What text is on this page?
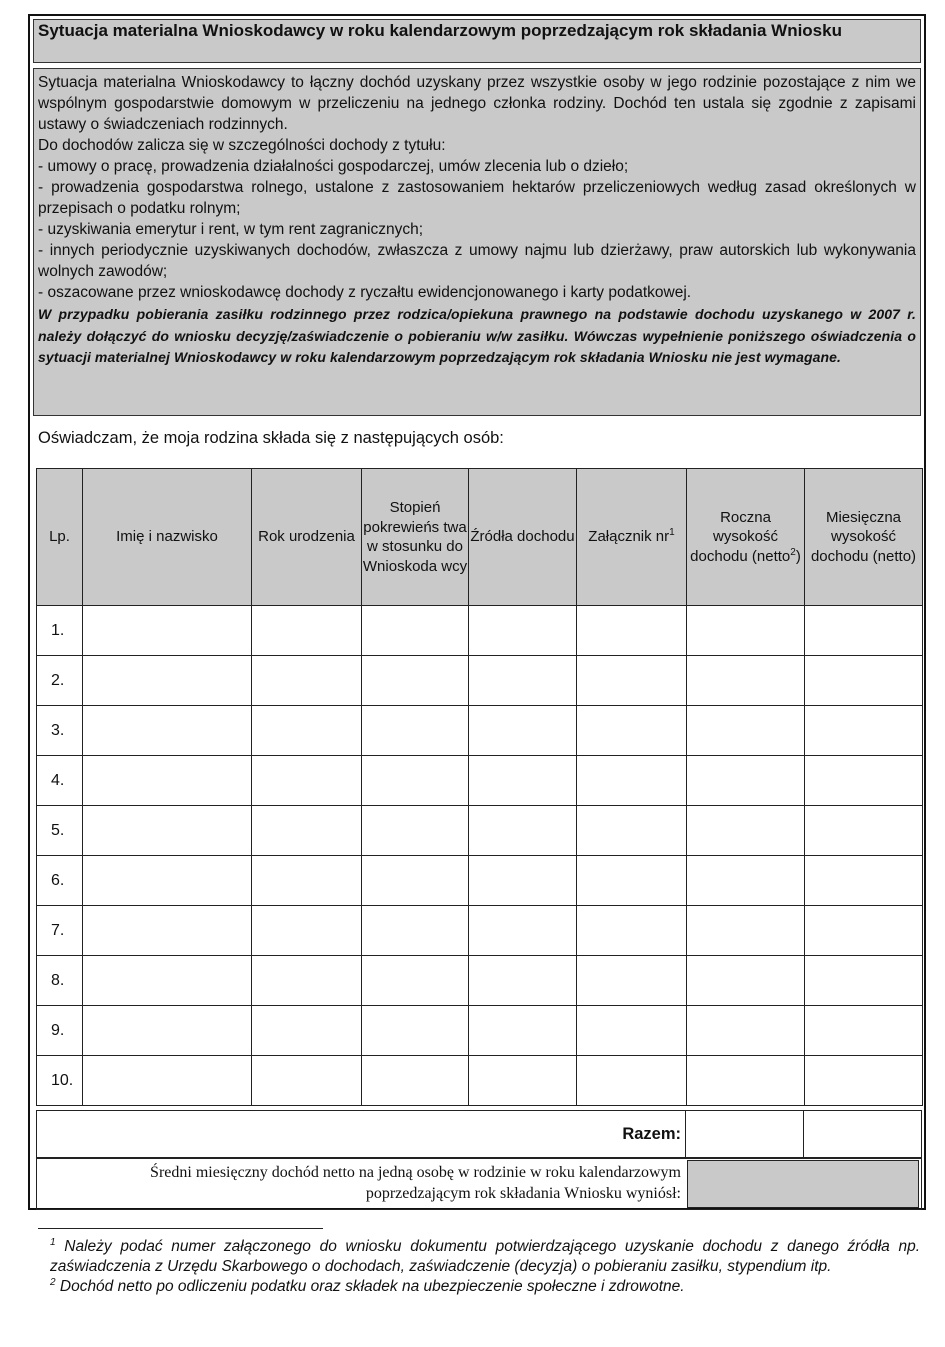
Sytuacja materialna Wnioskodawcy w roku kalendarzowym poprzedzającym rok składania Wniosku

Sytuacja materialna Wnioskodawcy to łączny dochód uzyskany przez wszystkie osoby w jego rodzinie pozostające z nim we wspólnym gospodarstwie domowym w przeliczeniu na jednego członka rodziny. Dochód ten ustala się zgodnie z zapisami ustawy o świadczeniach rodzinnych.

Do dochodów zalicza się w szczególności dochody z tytułu:

- umowy o pracę, prowadzenia działalności gospodarczej, umów zlecenia lub o dzieło;

- prowadzenia gospodarstwa rolnego, ustalone z zastosowaniem hektarów przeliczeniowych według zasad określonych w przepisach o podatku rolnym;

- uzyskiwania emerytur i rent, w tym rent zagranicznych;

- innych periodycznie uzyskiwanych dochodów, zwłaszcza z umowy najmu lub dzierżawy, praw autorskich lub wykonywania wolnych zawodów;

- oszacowane przez wnioskodawcę dochody z ryczałtu ewidencjonowanego i karty podatkowej.

W przypadku pobierania zasiłku rodzinnego przez rodzica/opiekuna prawnego na podstawie dochodu uzyskanego w 2007 r. należy dołączyć do wniosku decyzję/zaświadczenie o pobieraniu w/w zasiłku. Wówczas wypełnienie poniższego oświadczenia o sytuacji materialnej Wnioskodawcy w roku kalendarzowym poprzedzającym rok składania Wniosku nie jest wymagane.

Oświadczam, że moja rodzina składa się z następujących osób:
Lp.	Imię i nazwisko	Rok urodzenia	Stopień pokrewieńs twa w stosunku do Wnioskoda wcy	Źródła dochodu	Załącznik $nr^1$	Roczna wysokość dochodu (netto$^2$)	Miesięczna wysokość dochodu (netto)
1.							
2.							
3.							
4.							
5.							
6.							
7.							
8.							
9.							
10.							
Razem:
Średni miesięczny dochód netto na jedną osobę w rodzinie w roku kalendarzowym poprzedzającym rok składania Wniosku wyniósł:

$^1$ Należy podać numer załączonego do wniosku dokumentu potwierdzającego uzyskanie dochodu z danego źródła np. zaświadczenia z Urzędu Skarbowego o dochodach, zaświadczenie (decyzja) o pobieraniu zasiłku, stypendium itp.

$^2$ Dochód netto po odliczeniu podatku oraz składek na ubezpieczenie społeczne i zdrowotne.
